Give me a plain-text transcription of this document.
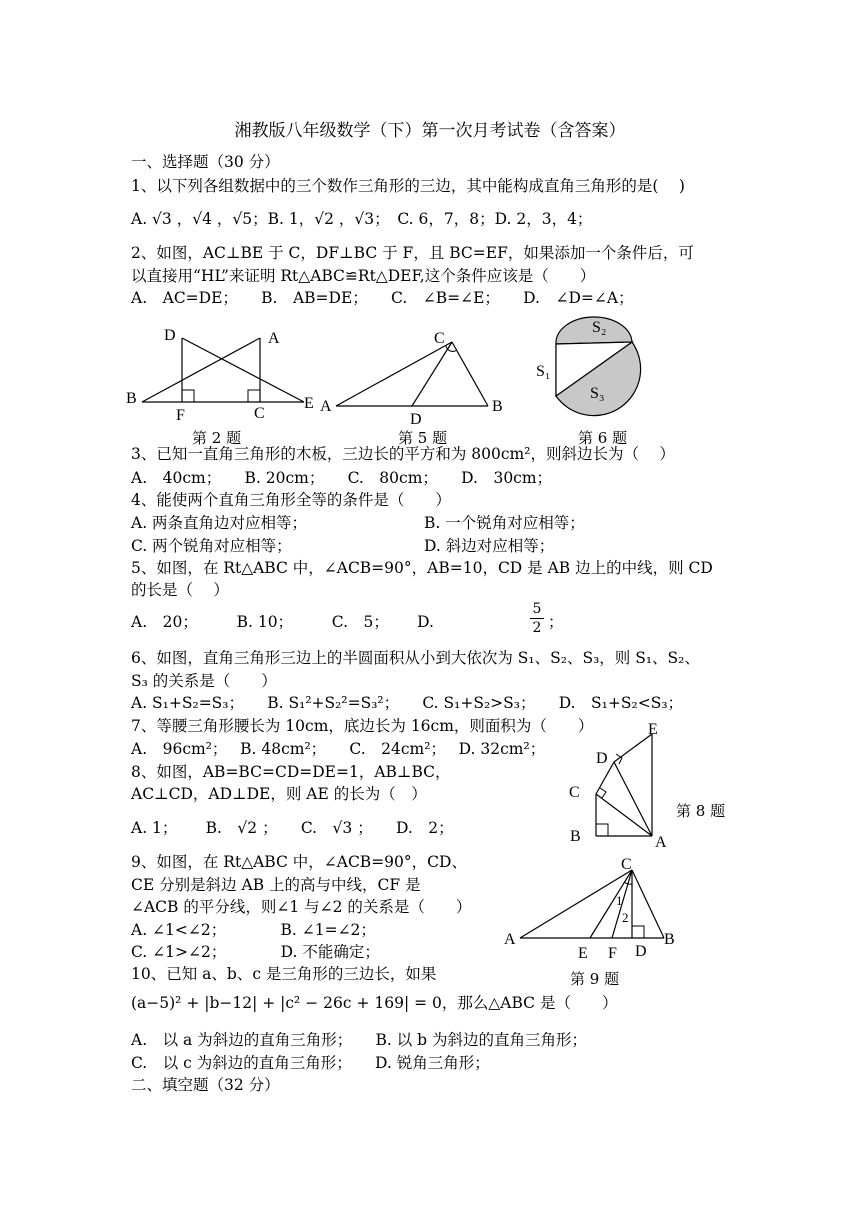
湘教版八年级数学（下）第一次月考试卷（含答案）
一、选择题（30 分）
1、以下列各组数据中的三个数作三角形的三边，其中能构成直角三角形的是(　 )
A. √3 ，√4 ，√5；B. 1，√2 ，√3；　C. 6，7，8；D. 2，3，4；
2、如图，AC⊥BE 于 C，DF⊥BC 于 F，且 BC=EF，如果添加一个条件后，可
以直接用“HL”来证明 Rt△ABC≌Rt△DEF,这个条件应该是（　　）
A.　AC=DE；　　B.　AB=DE；　　C.　∠B=∠E；　　D.　∠D=∠A；
D	A
B
F	C
E
第 2 题
C
A
D
B
第 5 题
S₂
S₁
S₃
第 6 题
3、已知一直角三角形的木板，三边长的平方和为 800cm²，则斜边长为（　 ）
A.　40cm；　　B. 20cm；　　C.　80cm；　　D.　30cm；
4、能使两个直角三角形全等的条件是（　　）
A. 两条直角边对应相等；	B. 一个锐角对应相等；
C. 两个锐角对应相等；	D. 斜边对应相等；
5、如图，在 Rt△ABC 中，∠ACB=90°，AB=10，CD 是 AB 边上的中线，则 CD
的长是（　 ）
A.　20；　　　B. 10；　　　C.　5；　　 D.	$\frac{5}{2}$ ；
6、如图，直角三角形三边上的半圆面积从小到大依次为 S₁、S₂、S₃，则 S₁、S₂、
S₃ 的关系是（　　）
A. S₁+S₂=S₃；　　B. S₁²+S₂²=S₃²；　　C. S₁+S₂>S₃；　　D.　S₁+S₂<S₃；
7、等腰三角形腰长为 10cm，底边长为 16cm，则面积为（　　）
A.　96cm²；　 B. 48cm²；　　C.　24cm²；　 D. 32cm²；
8、如图，AB=BC=CD=DE=1，AB⊥BC，
AC⊥CD，AD⊥DE，则 AE 的长为（　）
A. 1；　　 B.　√2 ；　　C.　√3 ；　　D.　2；
E
D
C
B	A
第 8 题
9、如图，在 Rt△ABC 中，∠ACB=90°，CD、
CE 分别是斜边 AB 上的高与中线，CF 是
∠ACB 的平分线，则∠1 与∠2 的关系是（　　）
A. ∠1<∠2；　　　　B. ∠1=∠2；
C. ∠1>∠2；　　　　D. 不能确定；
C
1
2
A
E F D
B
第 9 题
10、已知 a、b、c 是三角形的三边长，如果
(a−5)² + |b−12| + |c² − 26c + 169| = 0，那么△ABC 是（　　）
A.　以 a 为斜边的直角三角形；　　B. 以 b 为斜边的直角三角形；
C.　以 c 为斜边的直角三角形；　　D. 锐角三角形；
二、填空题（32 分）
